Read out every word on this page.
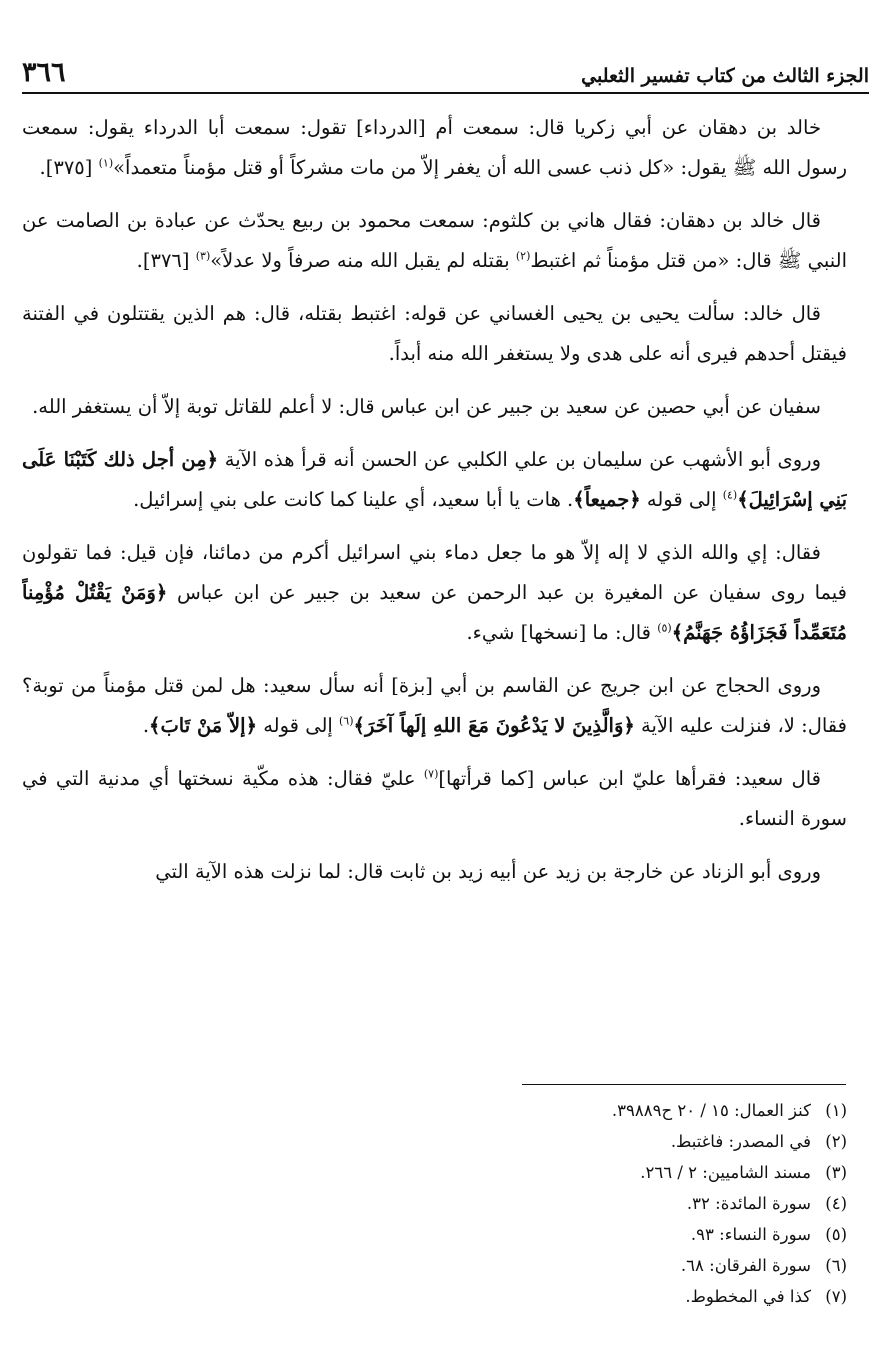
٣٦٦	الجزء الثالث من كتاب تفسير الثعلبي

خالد بن دهقان عن أبي زكريا قال: سمعت أم [الدرداء] تقول: سمعت أبا الدرداء يقول: سمعت رسول الله ﷺ يقول: «كل ذنب عسى الله أن يغفر إلاّ من مات مشركاً أو قتل مؤمناً متعمداً»$^{(١)}$ [٣٧٥].

قال خالد بن دهقان: فقال هاني بن كلثوم: سمعت محمود بن ربيع يحدّث عن عبادة بن الصامت عن النبي ﷺ قال: «من قتل مؤمناً ثم اغتبط$^{(٢)}$ بقتله لم يقبل الله منه صرفاً ولا عدلاً»$^{(٣)}$ [٣٧٦].

قال خالد: سألت يحيى بن يحيى الغساني عن قوله: اغتبط بقتله، قال: هم الذين يقتتلون في الفتنة فيقتل أحدهم فيرى أنه على هدى ولا يستغفر الله منه أبداً.

سفيان عن أبي حصين عن سعيد بن جبير عن ابن عباس قال: لا أعلم للقاتل توبة إلاّ أن يستغفر الله.

وروى أبو الأشهب عن سليمان بن علي الكلبي عن الحسن أنه قرأ هذه الآية ﴿مِن أجل ذلك كَتَبْنَا عَلَى بَنِي إسْرَائِيلَ﴾$^{(٤)}$ إلى قوله ﴿جميعاً﴾. هات يا أبا سعيد، أي علينا كما كانت على بني إسرائيل.

فقال: إي والله الذي لا إله إلاّ هو ما جعل دماء بني اسرائيل أكرم من دمائنا، فإن قيل: فما تقولون فيما روى سفيان عن المغيرة بن عبد الرحمن عن سعيد بن جبير عن ابن عباس ﴿وَمَنْ يَقْتُلْ مُؤْمِناً مُتَعَمِّداً فَجَزَاؤُهُ جَهَنَّمُ﴾$^{(٥)}$ قال: ما [نسخها] شيء.

وروى الحجاج عن ابن جريج عن القاسم بن أبي [بزة] أنه سأل سعيد: هل لمن قتل مؤمناً من توبة؟ فقال: لا، فنزلت عليه الآية ﴿وَالَّذِينَ لا يَدْعُونَ مَعَ اللهِ إلَهاً آخَرَ﴾$^{(٦)}$ إلى قوله ﴿إلاّ مَنْ تَابَ﴾.

قال سعيد: فقرأها عليّ ابن عباس [كما قرأتها]$^{(٧)}$ عليّ فقال: هذه مكّية نسختها أي مدنية التي في سورة النساء.

وروى أبو الزناد عن خارجة بن زيد عن أبيه زيد بن ثابت قال: لما نزلت هذه الآية التي

(١)
كنز العمال: ١٥ / ٢٠ ح٣٩٨٨٩.
(٢)
في المصدر: فاغتبط.
(٣)
مسند الشاميين: ٢ / ٢٦٦.
(٤)
سورة المائدة: ٣٢.
(٥)
سورة النساء: ٩٣.
(٦)
سورة الفرقان: ٦٨.
(٧)
كذا في المخطوط.
